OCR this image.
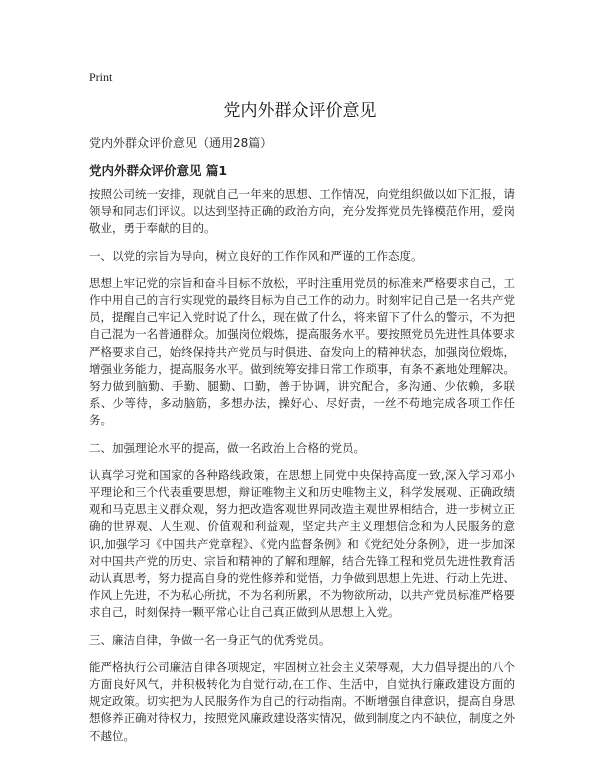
Print
党内外群众评价意见

党内外群众评价意见（通用28篇）

党内外群众评价意见 篇1

按照公司统一安排，现就自己一年来的思想、工作情况，向党组织做以如下汇报，请领导和同志们评议。以达到坚持正确的政治方向，充分发挥党员先锋模范作用，爱岗敬业，勇于奉献的目的。

一、以党的宗旨为导向，树立良好的工作作风和严谨的工作态度。

思想上牢记党的宗旨和奋斗目标不放松，平时注重用党员的标准来严格要求自己，工作中用自己的言行实现党的最终目标为自己工作的动力。时刻牢记自己是一名共产党员，提醒自己牢记入党时说了什么，现在做了什么，将来留下了什么的警示，不为把自己混为一名普通群众。加强岗位煅炼，提高服务水平。要按照党员先进性具体要求严格要求自己，始终保持共产党员与时俱进、奋发向上的精神状态，加强岗位煅炼，增强业务能力，提高服务水平。做到统筹安排日常工作琐事，有条不紊地处理解决。努力做到脑勤、手勤、腿勤、口勤，善于协调，讲究配合，多沟通、少依赖，多联系、少等待，多动脑筋，多想办法，操好心、尽好责，一丝不苟地完成各项工作任务。

二、加强理论水平的提高，做一名政治上合格的党员。

认真学习党和国家的各种路线政策，在思想上同党中央保持高度一致,深入学习邓小平理论和三个代表重要思想，辩证唯物主义和历史唯物主义，科学发展观、正确政绩观和马克思主义群众观，努力把改造客观世界同改造主观世界相结合，进一步树立正确的世界观、人生观、价值观和利益观，坚定共产主义理想信念和为人民服务的意识,加强学习《中国共产党章程》、《党内监督条例》和《党纪处分条例》，进一步加深对中国共产党的历史、宗旨和精神的了解和理解，结合先锋工程和党员先进性教育活动认真思考，努力提高自身的党性修养和觉悟，力争做到思想上先进、行动上先进、作风上先进，不为私心所扰，不为名利所累，不为物欲所动，以共产党员标准严格要求自己，时刻保持一颗平常心让自己真正做到从思想上入党。

三、廉洁自律，争做一名一身正气的优秀党员。

能严格执行公司廉洁自律各项规定，牢固树立社会主义荣辱观，大力倡导提出的八个方面良好风气，并积极转化为自觉行动,在工作、生活中，自觉执行廉政建设方面的规定政策。切实把为人民服务作为自己的行动指南。不断增强自律意识，提高自身思想修养正确对待权力，按照党风廉政建设落实情况，做到制度之内不缺位，制度之外不越位。
